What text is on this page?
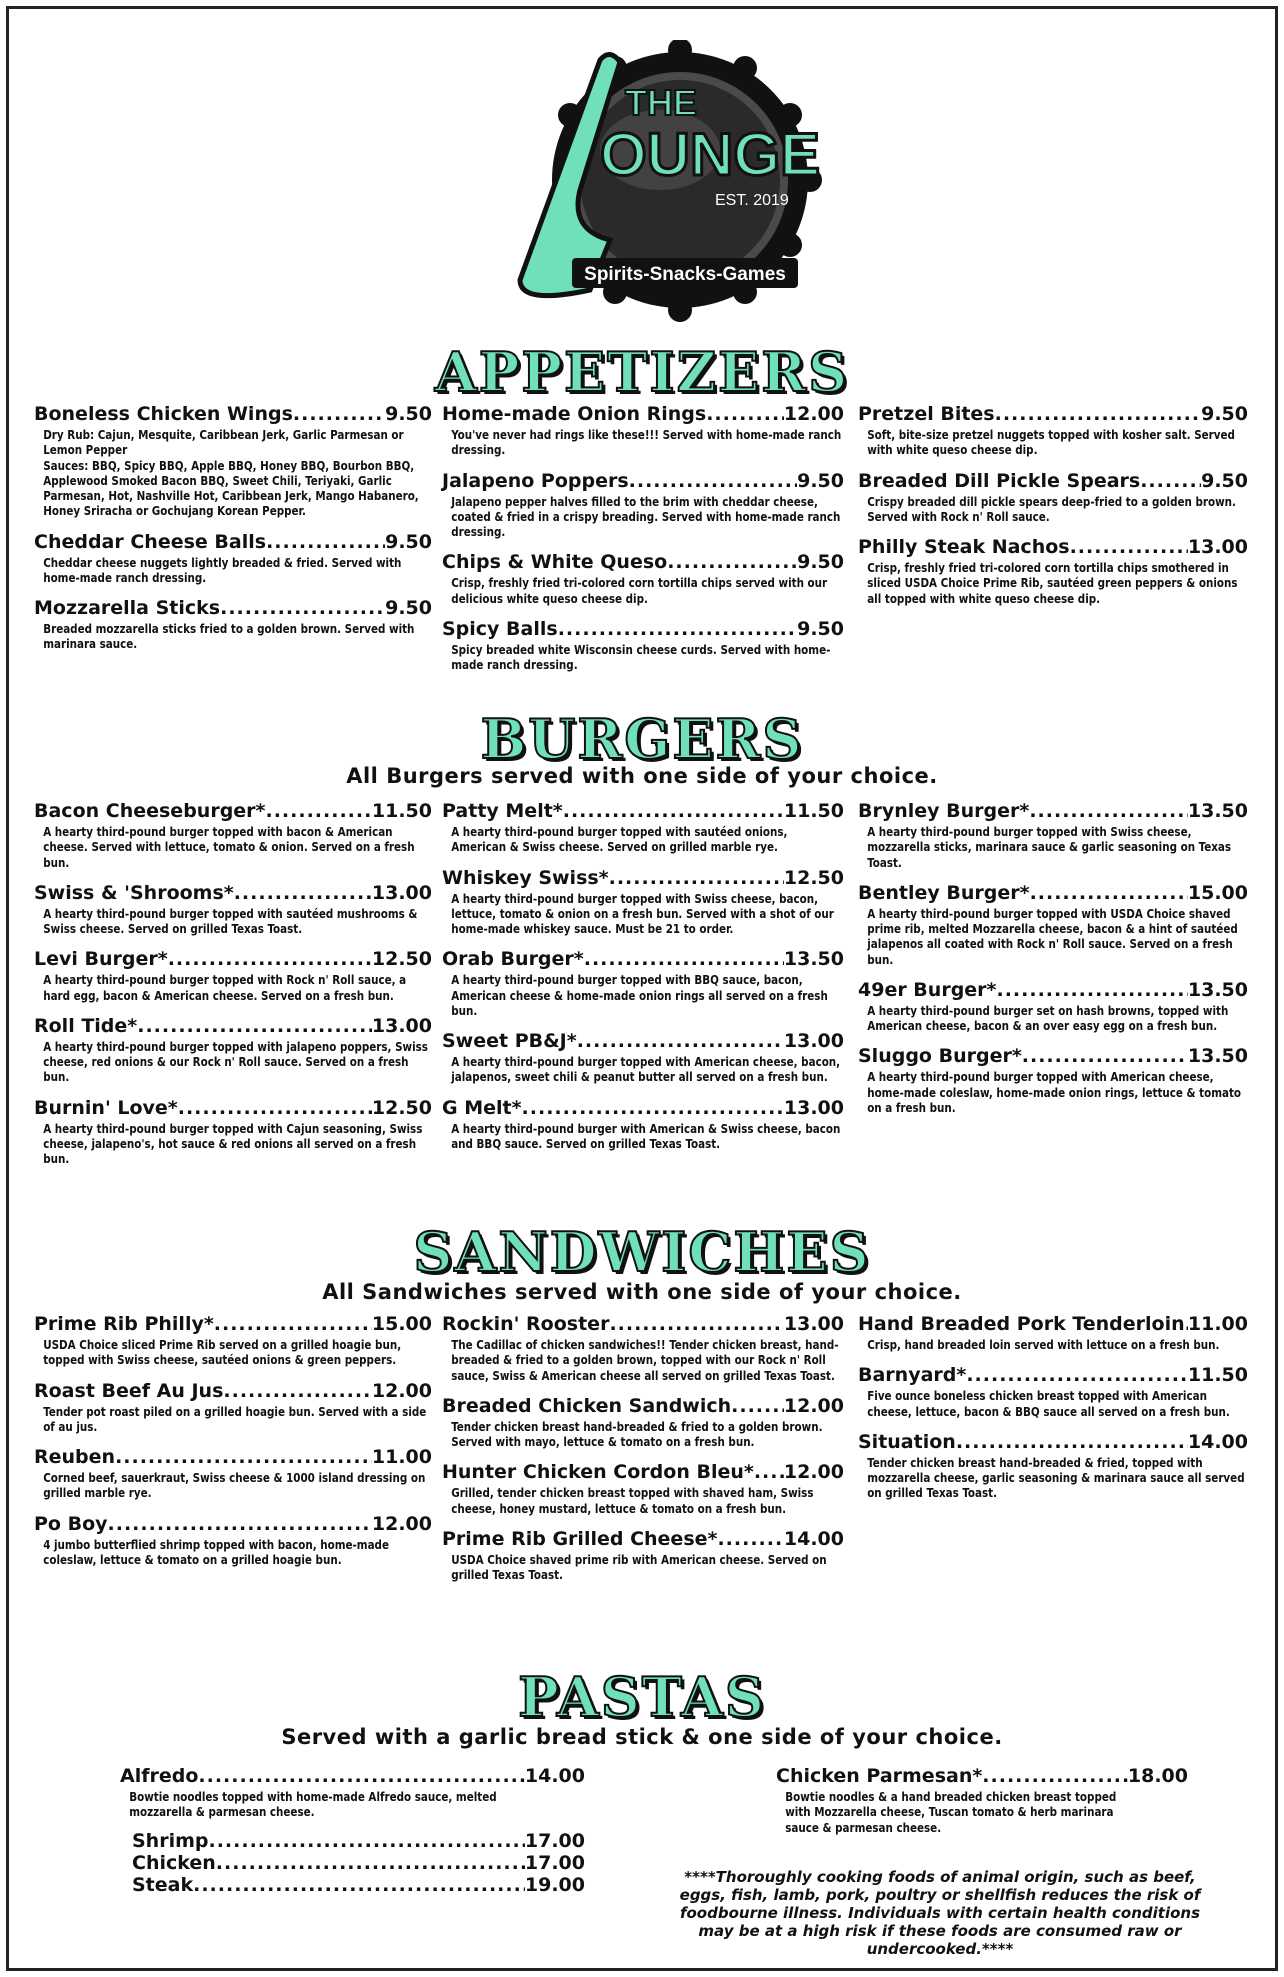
THE
OUNGE
EST. 2019
Spirits-Snacks-Games
APPETIZERS
Boneless Chicken Wings .....	9.50
Dry Rub: Cajun, Mesquite, Caribbean Jerk, Garlic Parmesan or Lemon Pepper
Sauces: BBQ, Spicy BBQ, Apple BBQ, Honey BBQ, Bourbon BBQ, Applewood Smoked Bacon BBQ, Sweet Chili, Teriyaki, Garlic Parmesan, Hot, Nashville Hot, Caribbean Jerk, Mango Habanero, Honey Sriracha or Gochujang Korean Pepper.
Cheddar Cheese Balls .....	9.50
Cheddar cheese nuggets lightly breaded & fried. Served with home-made ranch dressing.
Mozzarella Sticks .....	9.50
Breaded mozzarella sticks fried to a golden brown. Served with marinara sauce.
Home-made Onion Rings .....	12.00
You've never had rings like these!!! Served with home-made ranch dressing.
Jalapeno Poppers .....	9.50
Jalapeno pepper halves filled to the brim with cheddar cheese, coated & fried in a crispy breading. Served with home-made ranch dressing.
Chips & White Queso .....	9.50
Crisp, freshly fried tri-colored corn tortilla chips served with our delicious white queso cheese dip.
Spicy Balls .....	9.50
Spicy breaded white Wisconsin cheese curds. Served with home-made ranch dressing.
Pretzel Bites .....	9.50
Soft, bite-size pretzel nuggets topped with kosher salt. Served with white queso cheese dip.
Breaded Dill Pickle Spears .....	9.50
Crispy breaded dill pickle spears deep-fried to a golden brown. Served with Rock n' Roll sauce.
Philly Steak Nachos .....	13.00
Crisp, freshly fried tri-colored corn tortilla chips smothered in sliced USDA Choice Prime Rib, sautéed green peppers & onions all topped with white queso cheese dip.
BURGERS
All Burgers served with one side of your choice.
Bacon Cheeseburger* .....	11.50
A hearty third-pound burger topped with bacon & American cheese. Served with lettuce, tomato & onion. Served on a fresh bun.
Swiss & 'Shrooms* .....	13.00
A hearty third-pound burger topped with sautéed mushrooms & Swiss cheese. Served on grilled Texas Toast.
Levi Burger* .....	12.50
A hearty third-pound burger topped with Rock n' Roll sauce, a hard egg, bacon & American cheese. Served on a fresh bun.
Roll Tide* .....	13.00
A hearty third-pound burger topped with jalapeno poppers, Swiss cheese, red onions & our Rock n' Roll sauce. Served on a fresh bun.
Burnin' Love* .....	12.50
A hearty third-pound burger topped with Cajun seasoning, Swiss cheese, jalapeno's, hot sauce & red onions all served on a fresh bun.
Patty Melt* .....	11.50
A hearty third-pound burger topped with sautéed onions, American & Swiss cheese. Served on grilled marble rye.
Whiskey Swiss* .....	12.50
A hearty third-pound burger topped with Swiss cheese, bacon, lettuce, tomato & onion on a fresh bun. Served with a shot of our home-made whiskey sauce. Must be 21 to order.
Orab Burger* .....	13.50
A hearty third-pound burger topped with BBQ sauce, bacon, American cheese & home-made onion rings all served on a fresh bun.
Sweet PB&J* .....	13.00
A hearty third-pound burger topped with American cheese, bacon, jalapenos, sweet chili & peanut butter all served on a fresh bun.
G Melt* .....	13.00
A hearty third-pound burger with American & Swiss cheese, bacon and BBQ sauce. Served on grilled Texas Toast.
Brynley Burger* .....	13.50
A hearty third-pound burger topped with Swiss cheese, mozzarella sticks, marinara sauce & garlic seasoning on Texas Toast.
Bentley Burger* .....	15.00
A hearty third-pound burger topped with USDA Choice shaved prime rib, melted Mozzarella cheese, bacon & a hint of sautéed jalapenos all coated with Rock n' Roll sauce. Served on a fresh bun.
49er Burger* .....	13.50
A hearty third-pound burger set on hash browns, topped with American cheese, bacon & an over easy egg on a fresh bun.
Sluggo Burger* .....	13.50
A hearty third-pound burger topped with American cheese, home-made coleslaw, home-made onion rings, lettuce & tomato on a fresh bun.
SANDWICHES
All Sandwiches served with one side of your choice.
Prime Rib Philly* .....	15.00
USDA Choice sliced Prime Rib served on a grilled hoagie bun, topped with Swiss cheese, sautéed onions & green peppers.
Roast Beef Au Jus .....	12.00
Tender pot roast piled on a grilled hoagie bun. Served with a side of au jus.
Reuben .....	11.00
Corned beef, sauerkraut, Swiss cheese & 1000 island dressing on grilled marble rye.
Po Boy .....	12.00
4 jumbo butterflied shrimp topped with bacon, home-made coleslaw, lettuce & tomato on a grilled hoagie bun.
Rockin' Rooster .....	13.00
The Cadillac of chicken sandwiches!! Tender chicken breast, hand-breaded & fried to a golden brown, topped with our Rock n' Roll sauce, Swiss & American cheese all served on grilled Texas Toast.
Breaded Chicken Sandwich .....	12.00
Tender chicken breast hand-breaded & fried to a golden brown. Served with mayo, lettuce & tomato on a fresh bun.
Hunter Chicken Cordon Bleu* ..... 12.00
Grilled, tender chicken breast topped with shaved ham, Swiss cheese, honey mustard, lettuce & tomato on a fresh bun.
Prime Rib Grilled Cheese* .....	14.00
USDA Choice shaved prime rib with American cheese. Served on grilled Texas Toast.
Hand Breaded Pork Tenderloin ..... 11.00
Crisp, hand breaded loin served with lettuce on a fresh bun.
Barnyard* .....	11.50
Five ounce boneless chicken breast topped with American cheese, lettuce, bacon & BBQ sauce all served on a fresh bun.
Situation .....	14.00
Tender chicken breast hand-breaded & fried, topped with mozzarella cheese, garlic seasoning & marinara sauce all served on grilled Texas Toast.
PASTAS
Served with a garlic bread stick & one side of your choice.
Alfredo .....	14.00
Bowtie noodles topped with home-made Alfredo sauce, melted mozzarella & parmesan cheese.
Shrimp .....	17.00
Chicken .....	17.00
Steak .....	19.00
Chicken Parmesan* .....	18.00
Bowtie noodles & a hand breaded chicken breast topped with Mozzarella cheese, Tuscan tomato & herb marinara sauce & parmesan cheese.
****Thoroughly cooking foods of animal origin, such as beef, eggs, fish, lamb, pork, poultry or shellfish reduces the risk of foodbourne illness. Individuals with certain health conditions may be at a high risk if these foods are consumed raw or undercooked.****
